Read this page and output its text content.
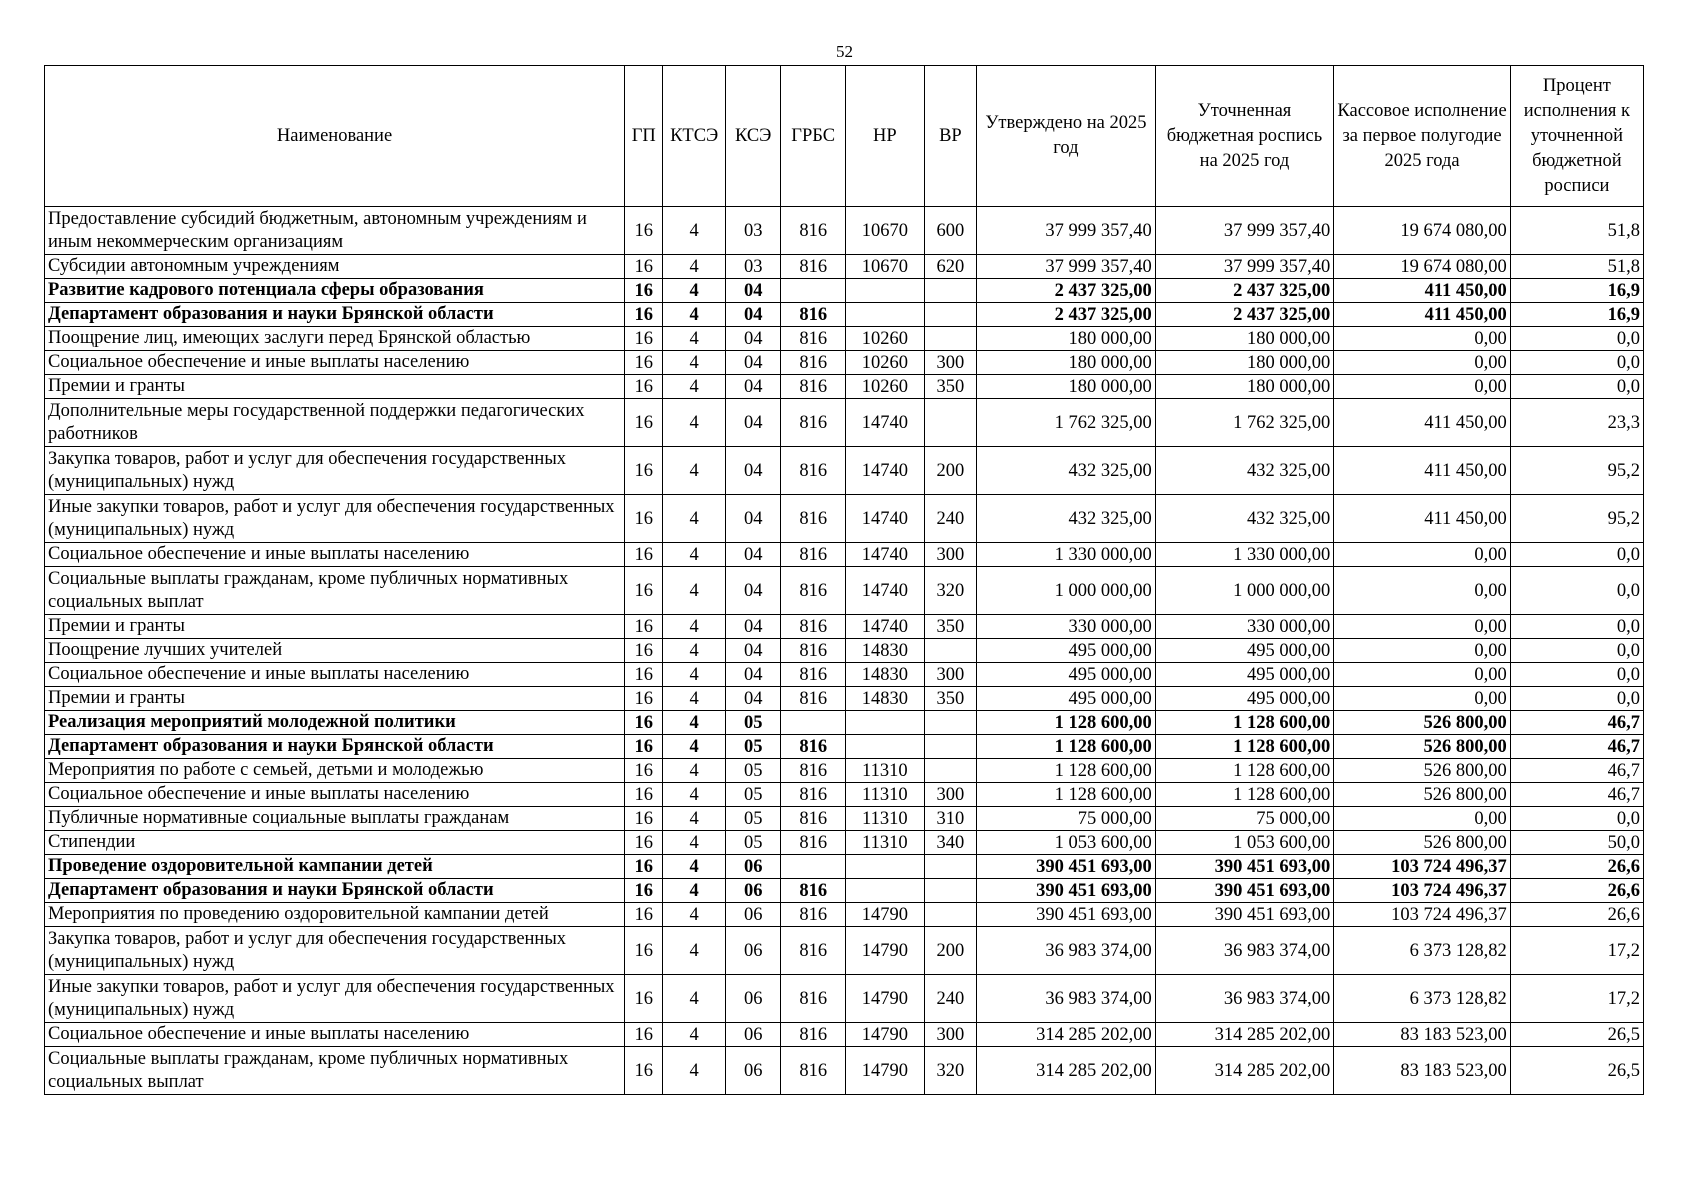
52
Наименование	ГП	КТСЭ	КСЭ	ГРБС	НР	ВР	Утверждено на 2025 год	Уточненная бюджетная роспись на 2025 год	Кассовое исполнение за первое полугодие 2025 года	Процент исполнения к уточненной бюджетной росписи
Предоставление субсидий бюджетным, автономным учреждениям и иным некоммерческим организациям	16	4	03	816	10670	600	37 999 357,40	37 999 357,40	19 674 080,00	51,8
Субсидии автономным учреждениям	16	4	03	816	10670	620	37 999 357,40	37 999 357,40	19 674 080,00	51,8
Развитие кадрового потенциала сферы образования	16	4	04				2 437 325,00	2 437 325,00	411 450,00	16,9
Департамент образования и науки Брянской области	16	4	04	816			2 437 325,00	2 437 325,00	411 450,00	16,9
Поощрение лиц, имеющих заслуги перед Брянской областью	16	4	04	816	10260		180 000,00	180 000,00	0,00	0,0
Социальное обеспечение и иные выплаты населению	16	4	04	816	10260	300	180 000,00	180 000,00	0,00	0,0
Премии и гранты	16	4	04	816	10260	350	180 000,00	180 000,00	0,00	0,0
Дополнительные меры государственной поддержки педагогических работников	16	4	04	816	14740		1 762 325,00	1 762 325,00	411 450,00	23,3
Закупка товаров, работ и услуг для обеспечения государственных (муниципальных) нужд	16	4	04	816	14740	200	432 325,00	432 325,00	411 450,00	95,2
Иные закупки товаров, работ и услуг для обеспечения государственных (муниципальных) нужд	16	4	04	816	14740	240	432 325,00	432 325,00	411 450,00	95,2
Социальное обеспечение и иные выплаты населению	16	4	04	816	14740	300	1 330 000,00	1 330 000,00	0,00	0,0
Социальные выплаты гражданам, кроме публичных нормативных социальных выплат	16	4	04	816	14740	320	1 000 000,00	1 000 000,00	0,00	0,0
Премии и гранты	16	4	04	816	14740	350	330 000,00	330 000,00	0,00	0,0
Поощрение лучших учителей	16	4	04	816	14830		495 000,00	495 000,00	0,00	0,0
Социальное обеспечение и иные выплаты населению	16	4	04	816	14830	300	495 000,00	495 000,00	0,00	0,0
Премии и гранты	16	4	04	816	14830	350	495 000,00	495 000,00	0,00	0,0
Реализация мероприятий молодежной политики	16	4	05				1 128 600,00	1 128 600,00	526 800,00	46,7
Департамент образования и науки Брянской области	16	4	05	816			1 128 600,00	1 128 600,00	526 800,00	46,7
Мероприятия по работе с семьей, детьми и молодежью	16	4	05	816	11310		1 128 600,00	1 128 600,00	526 800,00	46,7
Социальное обеспечение и иные выплаты населению	16	4	05	816	11310	300	1 128 600,00	1 128 600,00	526 800,00	46,7
Публичные нормативные социальные выплаты гражданам	16	4	05	816	11310	310	75 000,00	75 000,00	0,00	0,0
Стипендии	16	4	05	816	11310	340	1 053 600,00	1 053 600,00	526 800,00	50,0
Проведение оздоровительной кампании детей	16	4	06				390 451 693,00	390 451 693,00	103 724 496,37	26,6
Департамент образования и науки Брянской области	16	4	06	816			390 451 693,00	390 451 693,00	103 724 496,37	26,6
Мероприятия по проведению оздоровительной кампании детей	16	4	06	816	14790		390 451 693,00	390 451 693,00	103 724 496,37	26,6
Закупка товаров, работ и услуг для обеспечения государственных (муниципальных) нужд	16	4	06	816	14790	200	36 983 374,00	36 983 374,00	6 373 128,82	17,2
Иные закупки товаров, работ и услуг для обеспечения государственных (муниципальных) нужд	16	4	06	816	14790	240	36 983 374,00	36 983 374,00	6 373 128,82	17,2
Социальное обеспечение и иные выплаты населению	16	4	06	816	14790	300	314 285 202,00	314 285 202,00	83 183 523,00	26,5
Социальные выплаты гражданам, кроме публичных нормативных социальных выплат	16	4	06	816	14790	320	314 285 202,00	314 285 202,00	83 183 523,00	26,5
